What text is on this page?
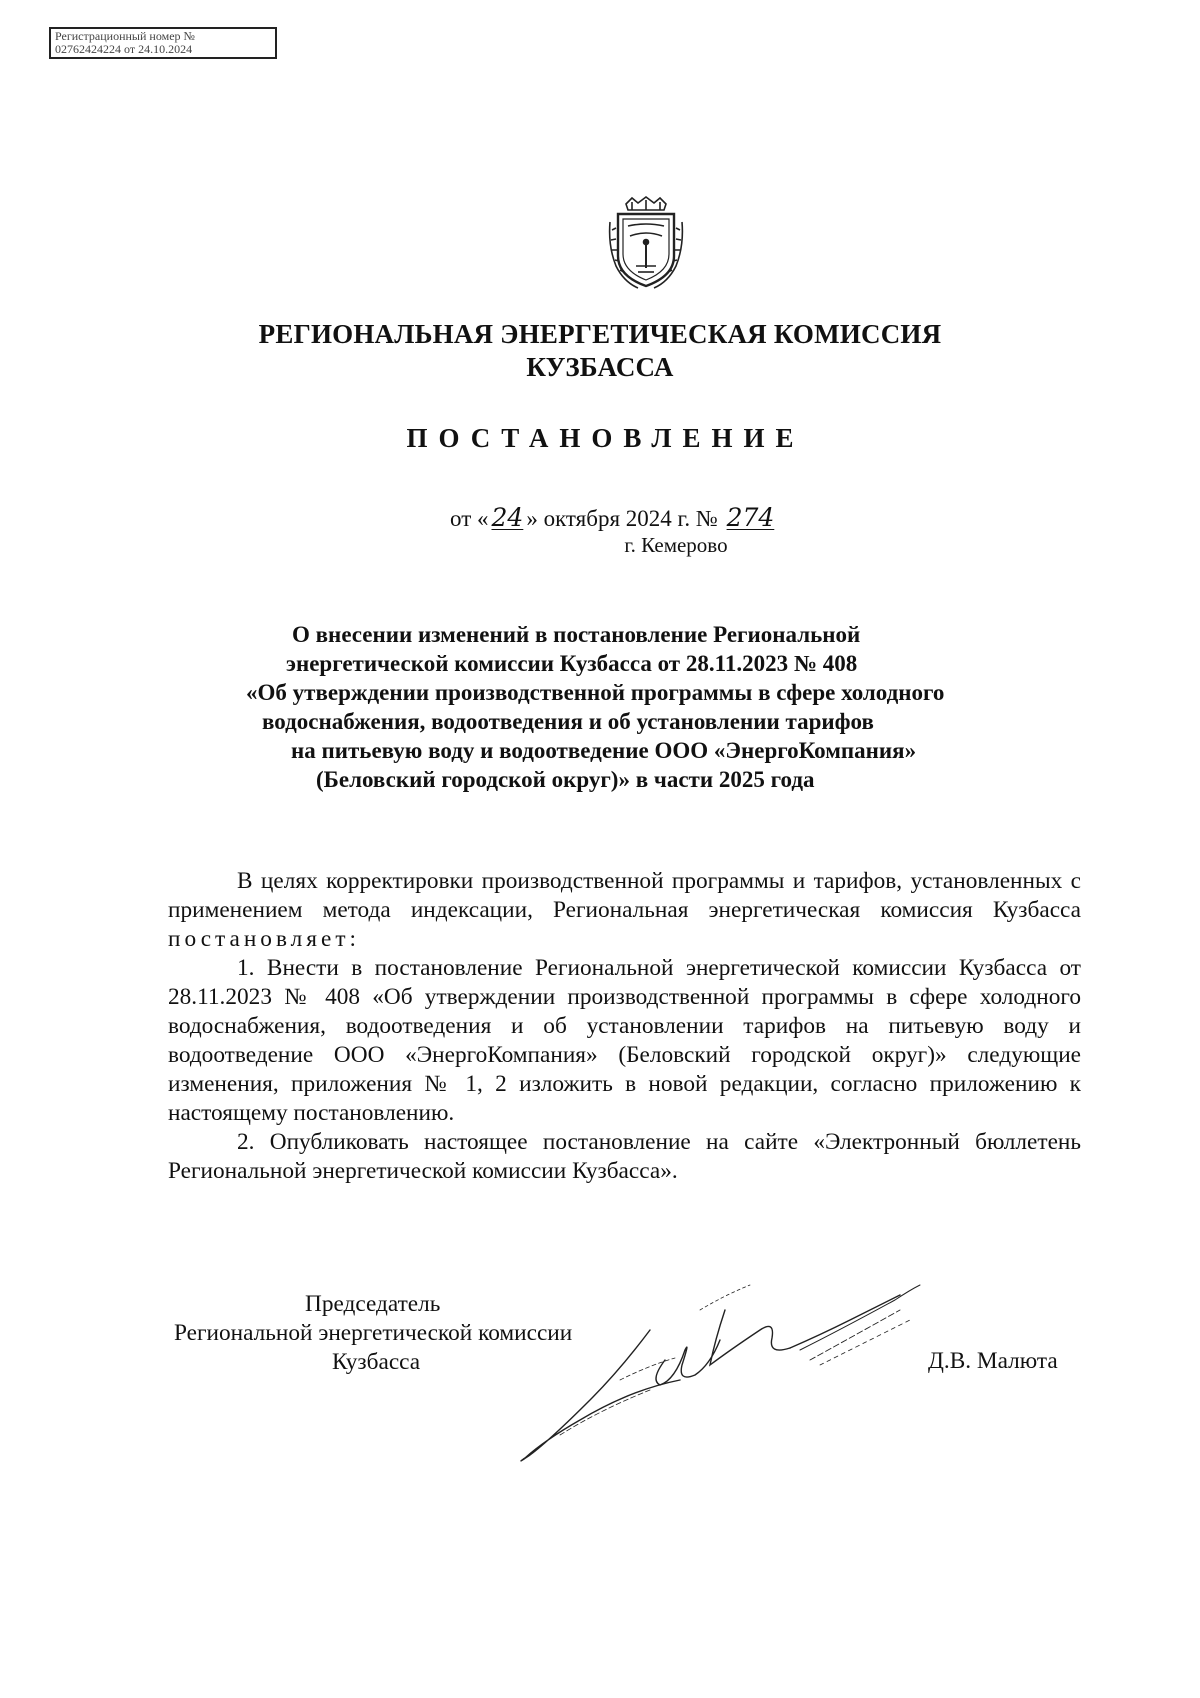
Регистрационный номер №
02762424224 от 24.10.2024
РЕГИОНАЛЬНАЯ ЭНЕРГЕТИЧЕСКАЯ КОМИССИЯ
КУЗБАССА
ПОСТАНОВЛЕНИЕ
от « 24 » октября 2024 г. № 274
г. Кемерово
О внесении изменений в постановление Региональной
энергетической комиссии Кузбасса от 28.11.2023 № 408
«Об утверждении производственной программы в сфере холодного
водоснабжения, водоотведения и об установлении тарифов
на питьевую воду и водоотведение ООО «ЭнергоКомпания»
(Беловский городской округ)» в части 2025 года

В целях корректировки производственной программы и тарифов, установленных с применением метода индексации, Региональная энергетическая комиссия Кузбасса постановляет:

1. Внести в постановление Региональной энергетической комиссии Кузбасса от 28.11.2023 № 408 «Об утверждении производственной программы в сфере холодного водоснабжения, водоотведения и об установлении тарифов на питьевую воду и водоотведение ООО «ЭнергоКомпания» (Беловский городской округ)» следующие изменения, приложения № 1, 2 изложить в новой редакции, согласно приложению к настоящему постановлению.

2. Опубликовать настоящее постановление на сайте «Электронный бюллетень Региональной энергетической комиссии Кузбасса».

Председатель
Региональной энергетической комиссии
Кузбасса	Д.В. Малюта
